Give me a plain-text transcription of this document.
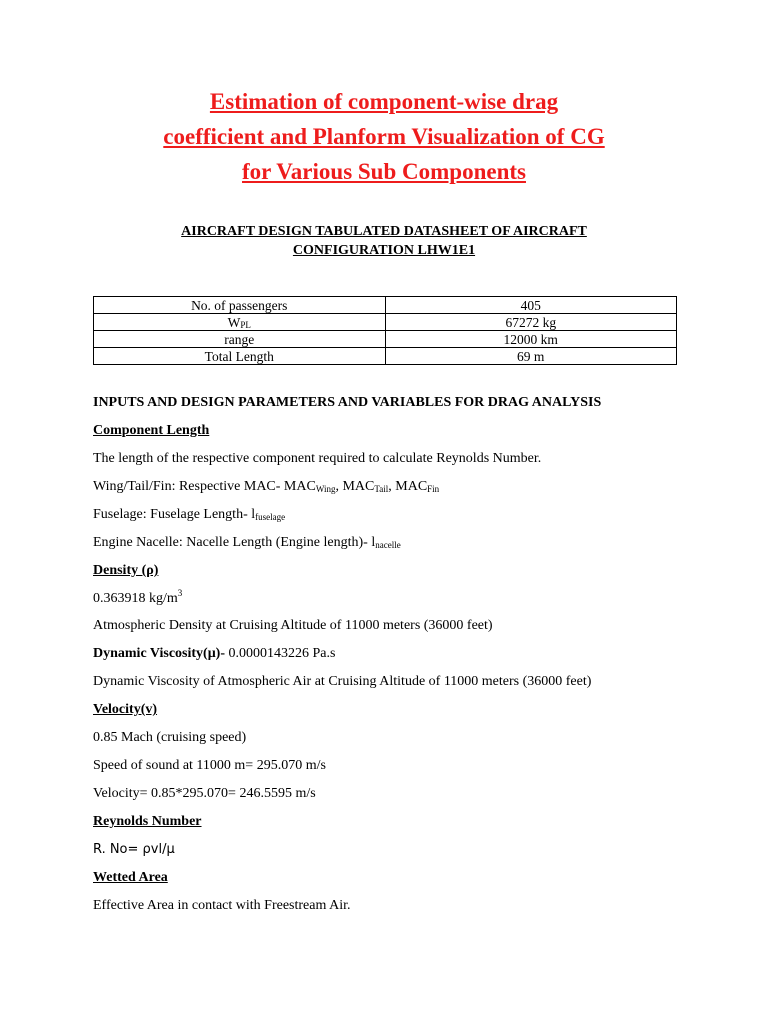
Estimation of component-wise drag
coefficient and Planform Visualization of CG
for Various Sub Components
AIRCRAFT DESIGN TABULATED DATASHEET OF AIRCRAFT
CONFIGURATION LHW1E1
No. of passengers	405
$W_{PL}$	67272 kg
range	12000 km
Total Length	69 m
INPUTS AND DESIGN PARAMETERS AND VARIABLES FOR DRAG ANALYSIS
Component Length
The length of the respective component required to calculate Reynolds Number.
Wing/Tail/Fin: Respective MAC- $MAC_{Wing}$, $MAC_{Tail}$, $MAC_{Fin}$
Fuselage: Fuselage Length- $l_{fuselage}$
Engine Nacelle: Nacelle Length (Engine length)- $l_{nacelle}$
Density (ρ)
0.363918 $kg/m^3$
Atmospheric Density at Cruising Altitude of 11000 meters (36000 feet)
Dynamic Viscosity(μ)- 0.0000143226 Pa.s
Dynamic Viscosity of Atmospheric Air at Cruising Altitude of 11000 meters (36000 feet)
Velocity(v)
0.85 Mach (cruising speed)
Speed of sound at 11000 m= 295.070 m/s
Velocity= 0.85*295.070= 246.5595 m/s
Reynolds Number
R. No= ρvl/μ
Wetted Area
Effective Area in contact with Freestream Air.
